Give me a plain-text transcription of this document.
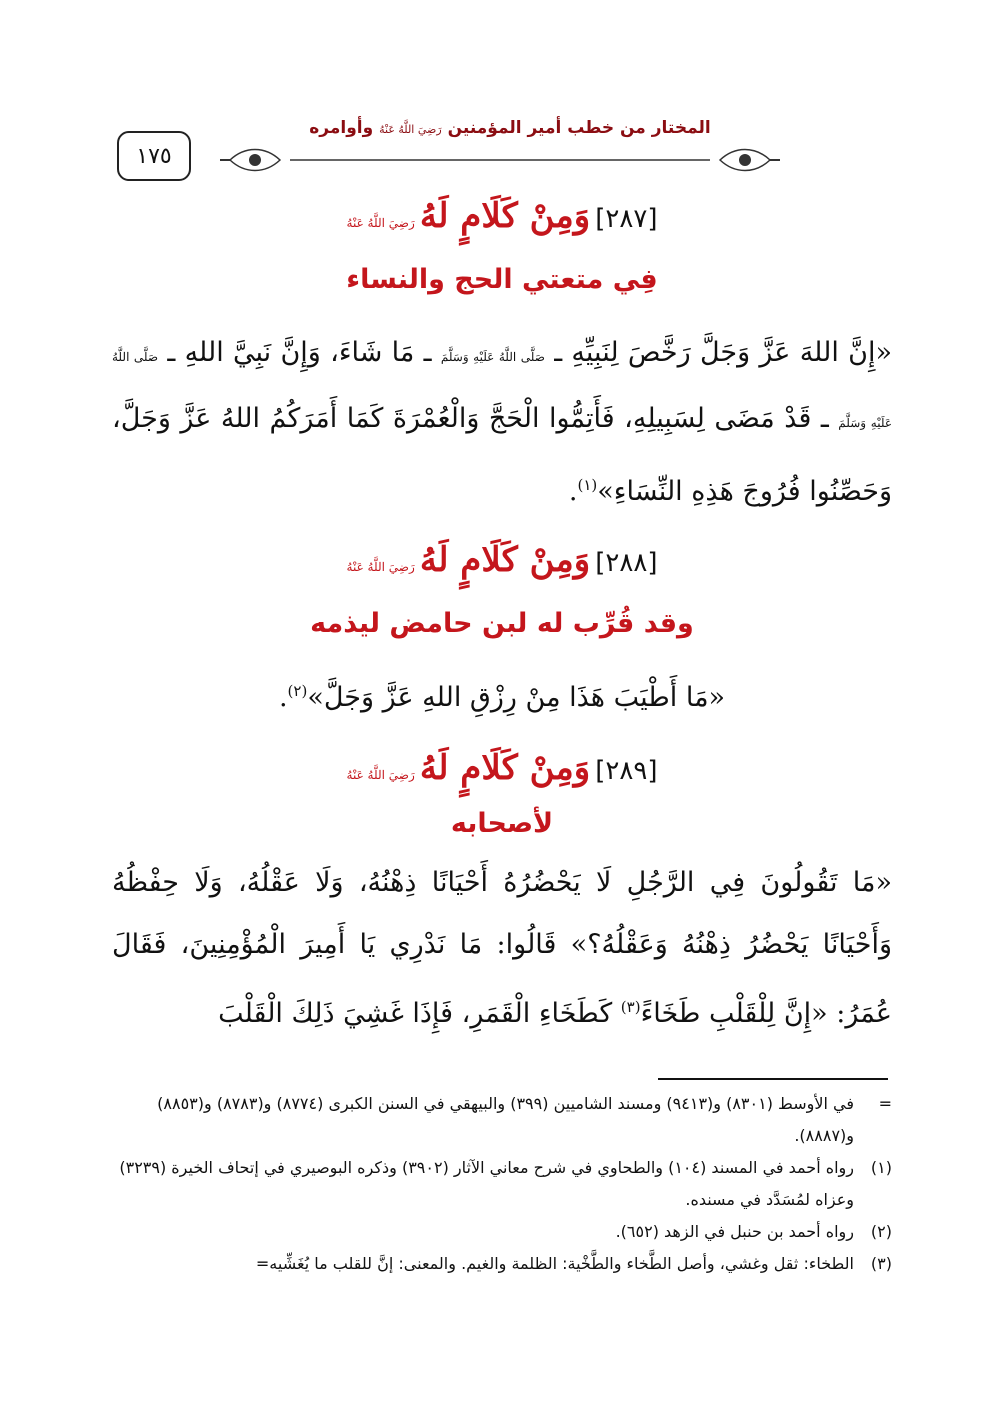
١٧٥
المختار من خطب أمير المؤمنين رَضِيَ اللَّهُ عَنْهُ وأوامره
[٢٨٧] وَمِنْ كَلَامٍ لَهُ رَضِيَ اللَّهُ عَنْهُ
فِي متعتي الحج والنساء
«إِنَّ اللهَ عَزَّ وَجَلَّ رَخَّصَ لِنَبِيِّهِ ـ صَلَّى اللَّهُ عَلَيْهِ وَسَلَّمَ ـ مَا شَاءَ، وَإِنَّ نَبِيَّ اللهِ ـ صَلَّى اللَّهُ عَلَيْهِ وَسَلَّمَ ـ قَدْ مَضَى لِسَبِيلِهِ، فَأَتِمُّوا الْحَجَّ وَالْعُمْرَةَ كَمَا أَمَرَكُمُ اللهُ عَزَّ وَجَلَّ، وَحَصِّنُوا فُرُوجَ هَذِهِ النِّسَاءِ»$^{(١)}$.
[٢٨٨] وَمِنْ كَلَامٍ لَهُ رَضِيَ اللَّهُ عَنْهُ
وقد قُرِّب له لبن حامض ليذمه
«مَا أَطْيَبَ هَذَا مِنْ رِزْقِ اللهِ عَزَّ وَجَلَّ»$^{(٢)}$.
[٢٨٩] وَمِنْ كَلَامٍ لَهُ رَضِيَ اللَّهُ عَنْهُ
لأصحابه
«مَا تَقُولُونَ فِي الرَّجُلِ لَا يَحْضُرُهُ أَحْيَانًا ذِهْنُهُ، وَلَا عَقْلُهُ، وَلَا حِفْظُهُ وَأَحْيَانًا يَحْضُرُ ذِهْنُهُ وَعَقْلُهُ؟» قَالُوا: مَا نَدْرِي يَا أَمِيرَ الْمُؤْمِنِينَ، فَقَالَ عُمَرُ: «إِنَّ لِلْقَلْبِ طَخَاءً$^{(٣)}$ كَطَخَاءِ الْقَمَرِ، فَإِذَا غَشِيَ ذَلِكَ الْقَلْبَ
=
في الأوسط (٨٣٠١) و(٩٤١٣) ومسند الشاميين (٣٩٩) والبيهقي في السنن الكبرى (٨٧٧٤) و(٨٧٨٣) و(٨٨٥٣) و(٨٨٨٧).
(١)
رواه أحمد في المسند (١٠٤) والطحاوي في شرح معاني الآثار (٣٩٠٢) وذكره البوصيري في إتحاف الخيرة (٣٢٣٩) وعزاه لمُسَدَّد في مسنده.
(٢)
رواه أحمد بن حنبل في الزهد (٦٥٢).
(٣)
الطخاء: ثقل وغشي، وأصل الطَّخاء والطَّخْية: الظلمة والغيم. والمعنى: إنَّ للقلب ما يُغَشِّيه=
